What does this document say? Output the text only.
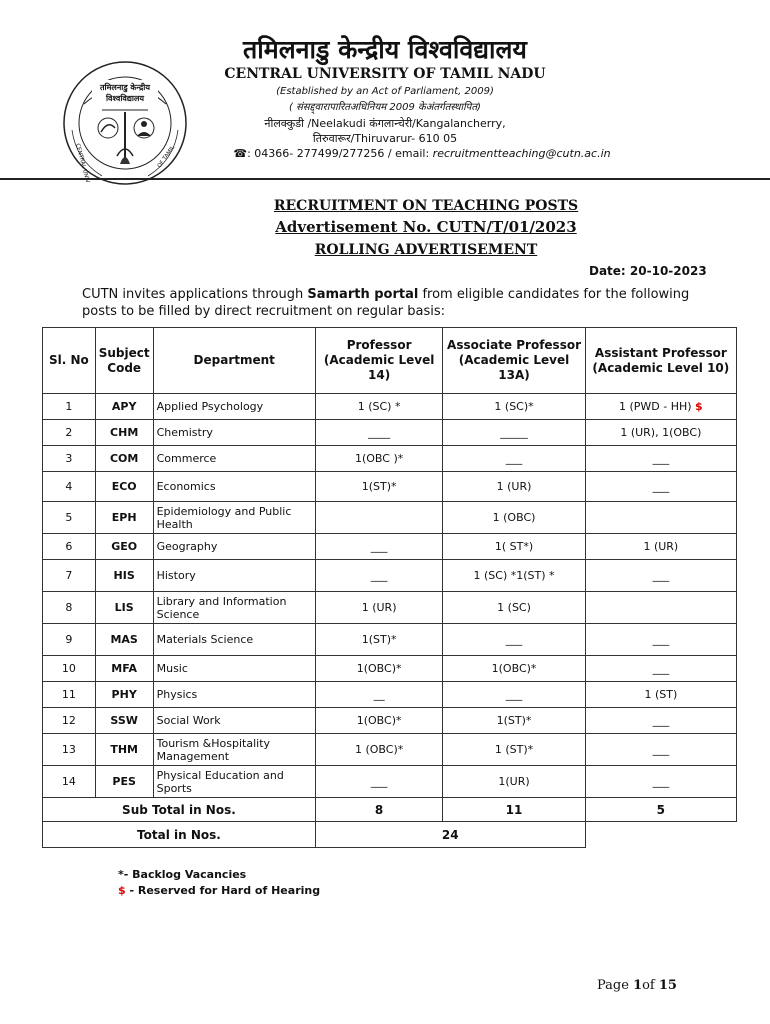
तमिलनाडु केन्द्रीय
विश्वविद्यालय
CENTRAL UNIV	OF TAMIL
तमिलनाडु केन्द्रीय विश्वविद्यालय
CENTRAL UNIVERSITY OF TAMIL NADU
(Established by an Act of Parliament, 2009)
( संसद्द्वारापारितअधिनियम 2009 केअंतर्गतस्थापित)
नीलक्कुडी /Neelakudi कंगलान्चेरी/Kangalancherry,
तिरुवारूर/Thiruvarur- 610 05
☎: 04366- 277499/277256 / email: recruitmentteaching@cutn.ac.in
RECRUITMENT ON TEACHING POSTS
Advertisement No. CUTN/T/01/2023
ROLLING ADVERTISEMENT
Date: 20-10-2023
CUTN invites applications through Samarth portal from eligible candidates for the following posts to be filled by direct recruitment on regular basis:
Sl. No	Subject Code	Department	Professor (Academic Level 14)	Associate Professor (Academic Level 13A)	Assistant Professor (Academic Level 10)
1	APY	Applied Psychology	1 (SC) *	1 (SC)*	1 (PWD - HH) $
2	CHM	Chemistry	____	_____	1 (UR), 1(OBC)
3	COM	Commerce	1(OBC )*	___	___
4	ECO	Economics	1(ST)*	1 (UR)	___
5	EPH	Epidemiology and Public Health		1 (OBC)	
6	GEO	Geography	___	1( ST*)	1 (UR)
7	HIS	History	___	1 (SC) *1(ST) *	___
8	LIS	Library and Information Science	1 (UR)	1 (SC)	
9	MAS	Materials Science	1(ST)*	___	___
10	MFA	Music	1(OBC)*	1(OBC)*	___
11	PHY	Physics	__	___	1 (ST)
12	SSW	Social Work	1(OBC)*	1(ST)*	___
13	THM	Tourism &Hospitality Management	1 (OBC)*	1 (ST)*	___
14	PES	Physical Education and Sports	___	1(UR)	___
Sub Total in Nos.			8	11	5
Total in Nos.			24		
*- Backlog Vacancies
$ - Reserved for Hard of Hearing
Page 1of 15
